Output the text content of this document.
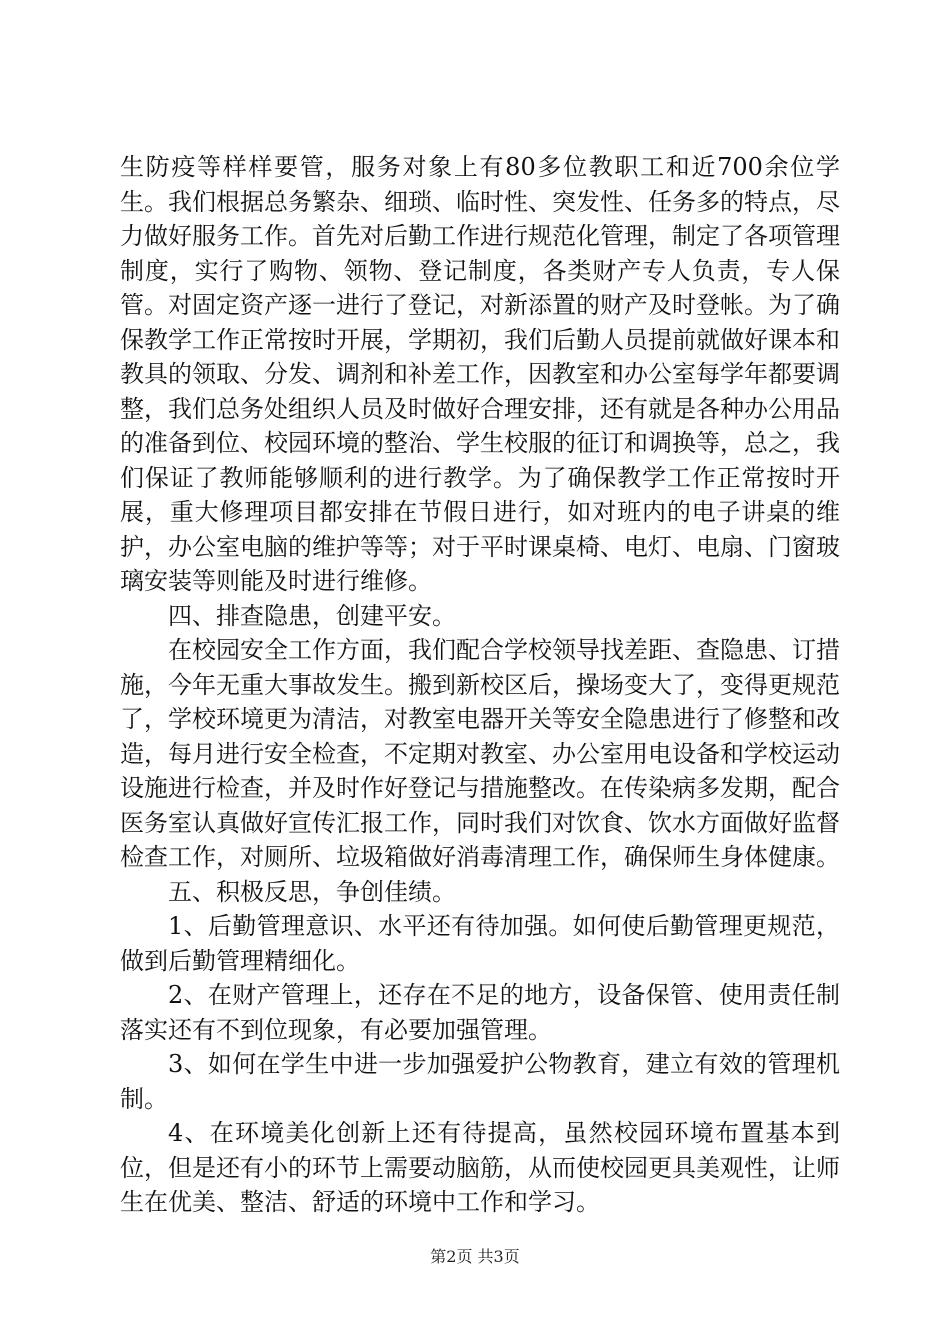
生防疫等样样要管，服务对象上有80多位教职工和近700余位学生。我们根据总务繁杂、细琐、临时性、突发性、任务多的特点，尽力做好服务工作。首先对后勤工作进行规范化管理，制定了各项管理制度，实行了购物、领物、登记制度，各类财产专人负责，专人保管。对固定资产逐一进行了登记，对新添置的财产及时登帐。为了确保教学工作正常按时开展，学期初，我们后勤人员提前就做好课本和教具的领取、分发、调剂和补差工作，因教室和办公室每学年都要调整，我们总务处组织人员及时做好合理安排，还有就是各种办公用品的准备到位、校园环境的整治、学生校服的征订和调换等，总之，我们保证了教师能够顺利的进行教学。为了确保教学工作正常按时开展，重大修理项目都安排在节假日进行，如对班内的电子讲桌的维护，办公室电脑的维护等等；对于平时课桌椅、电灯、电扇、门窗玻璃安装等则能及时进行维修。

四、排查隐患，创建平安。

在校园安全工作方面，我们配合学校领导找差距、查隐患、订措施，今年无重大事故发生。搬到新校区后，操场变大了，变得更规范了，学校环境更为清洁，对教室电器开关等安全隐患进行了修整和改造，每月进行安全检查，不定期对教室、办公室用电设备和学校运动设施进行检查，并及时作好登记与措施整改。在传染病多发期，配合医务室认真做好宣传汇报工作，同时我们对饮食、饮水方面做好监督检查工作，对厕所、垃圾箱做好消毒清理工作，确保师生身体健康。

五、积极反思，争创佳绩。

1、后勤管理意识、水平还有待加强。如何使后勤管理更规范，做到后勤管理精细化。

2、在财产管理上，还存在不足的地方，设备保管、使用责任制落实还有不到位现象，有必要加强管理。

3、如何在学生中进一步加强爱护公物教育，建立有效的管理机制。

4、在环境美化创新上还有待提高，虽然校园环境布置基本到位，但是还有小的环节上需要动脑筋，从而使校园更具美观性，让师生在优美、整洁、舒适的环境中工作和学习。

第2页 共3页
